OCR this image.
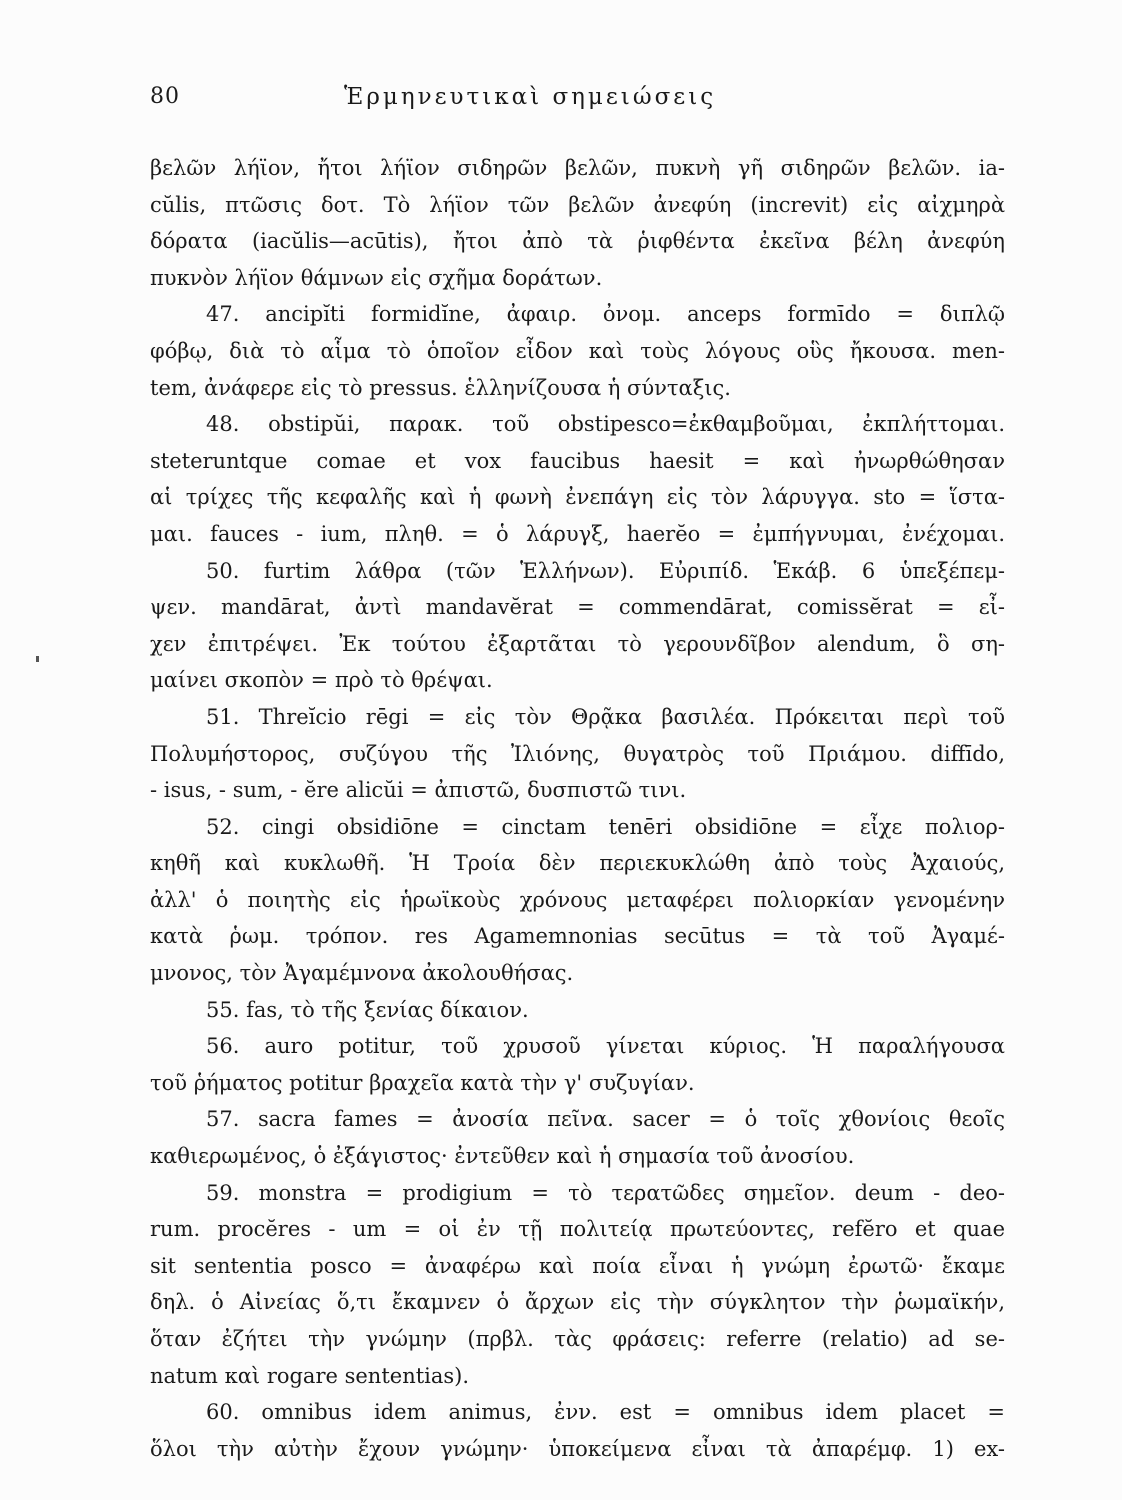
80	Ἑρμηνευτικαὶ σημειώσεις
βελῶν λήϊον, ἤτοι λήϊον σιδηρῶν βελῶν, πυκνὴ γῆ σιδηρῶν βελῶν. ia-
cŭlis, πτῶσις δοτ. Τὸ λήϊον τῶν βελῶν ἀνεφύη (increvit) εἰς αἰχμηρὰ
δόρατα (iacŭlis—acūtis), ἤτοι ἀπὸ τὰ ῥιφθέντα ἐκεῖνα βέλη ἀνεφύη
πυκνὸν λήϊον θάμνων εἰς σχῆμα δοράτων.
47. ancipĭti formidĭne, ἀφαιρ. ὀνομ. anceps formīdo = διπλῷ
φόβῳ, διὰ τὸ αἷμα τὸ ὁποῖον εἶδον καὶ τοὺς λόγους οὓς ἤκουσα. men-
tem, ἀνάφερε εἰς τὸ pressus. ἑλληνίζουσα ἡ σύνταξις.
48. obstipŭi, παρακ. τοῦ obstipesco=ἐκθαμβοῦμαι, ἐκπλήττομαι.
steteruntque comae et vox faucibus haesit = καὶ ἠνωρθώθησαν
αἱ τρίχες τῆς κεφαλῆς καὶ ἡ φωνὴ ἐνεπάγη εἰς τὸν λάρυγγα. sto = ἵστα-
μαι. fauces - ium, πληθ. = ὁ λάρυγξ, haerĕo = ἐμπήγνυμαι, ἐνέχομαι.
50. furtim λάθρα (τῶν Ἑλλήνων). Εὐριπίδ. Ἑκάβ. 6 ὑπεξέπεμ-
ψεν. mandārat, ἀντὶ mandavĕrat = commendārat, comissĕrat = εἶ-
χεν ἐπιτρέψει. Ἐκ τούτου ἐξαρτᾶται τὸ γερουνδῖβον alendum, ὃ ση-
μαίνει σκοπὸν = πρὸ τὸ θρέψαι.
51. Threĭcio rēgi = εἰς τὸν Θρᾷκα βασιλέα. Πρόκειται περὶ τοῦ
Πολυμήστορος, συζύγου τῆς Ἰλιόνης, θυγατρὸς τοῦ Πριάμου. diffīdo,
- isus, - sum, - ĕre alicŭi = ἀπιστῶ, δυσπιστῶ τινι.
52. cingi obsidiōne = cinctam tenēri obsidiōne = εἶχε πολιορ-
κηθῆ καὶ κυκλωθῆ. Ἡ Τροία δὲν περιεκυκλώθη ἀπὸ τοὺς Ἀχαιούς,
ἀλλ' ὁ ποιητὴς εἰς ἡρωϊκοὺς χρόνους μεταφέρει πολιορκίαν γενομένην
κατὰ ῥωμ. τρόπον. res Agamemnonias secūtus = τὰ τοῦ Ἀγαμέ-
μνονος, τὸν Ἀγαμέμνονα ἀκολουθήσας.
55. fas, τὸ τῆς ξενίας δίκαιον.
56. auro potitur, τοῦ χρυσοῦ γίνεται κύριος. Ἡ παραλήγουσα
τοῦ ῥήματος potitur βραχεῖα κατὰ τὴν γ' συζυγίαν.
57. sacra fames = ἀνοσία πεῖνα. sacer = ὁ τοῖς χθονίοις θεοῖς
καθιερωμένος, ὁ ἐξάγιστος· ἐντεῦθεν καὶ ἡ σημασία τοῦ ἀνοσίου.
59. monstra = prodigium = τὸ τερατῶδες σημεῖον. deum - deo-
rum. procĕres - um = οἱ ἐν τῇ πολιτείᾳ πρωτεύοντες, refĕro et quae
sit sententia posco = ἀναφέρω καὶ ποία εἶναι ἡ γνώμη ἐρωτῶ· ἔκαμε
δηλ. ὁ Αἰνείας ὅ,τι ἔκαμνεν ὁ ἄρχων εἰς τὴν σύγκλητον τὴν ῥωμαϊκήν,
ὅταν ἐζήτει τὴν γνώμην (πρβλ. τὰς φράσεις: referre (relatio) ad se-
natum καὶ rogare sententias).
60. omnibus idem animus, ἐνν. est = omnibus idem placet =
ὅλοι τὴν αὐτὴν ἔχουν γνώμην· ὑποκείμενα εἶναι τὰ ἀπαρέμφ. 1) ex-
